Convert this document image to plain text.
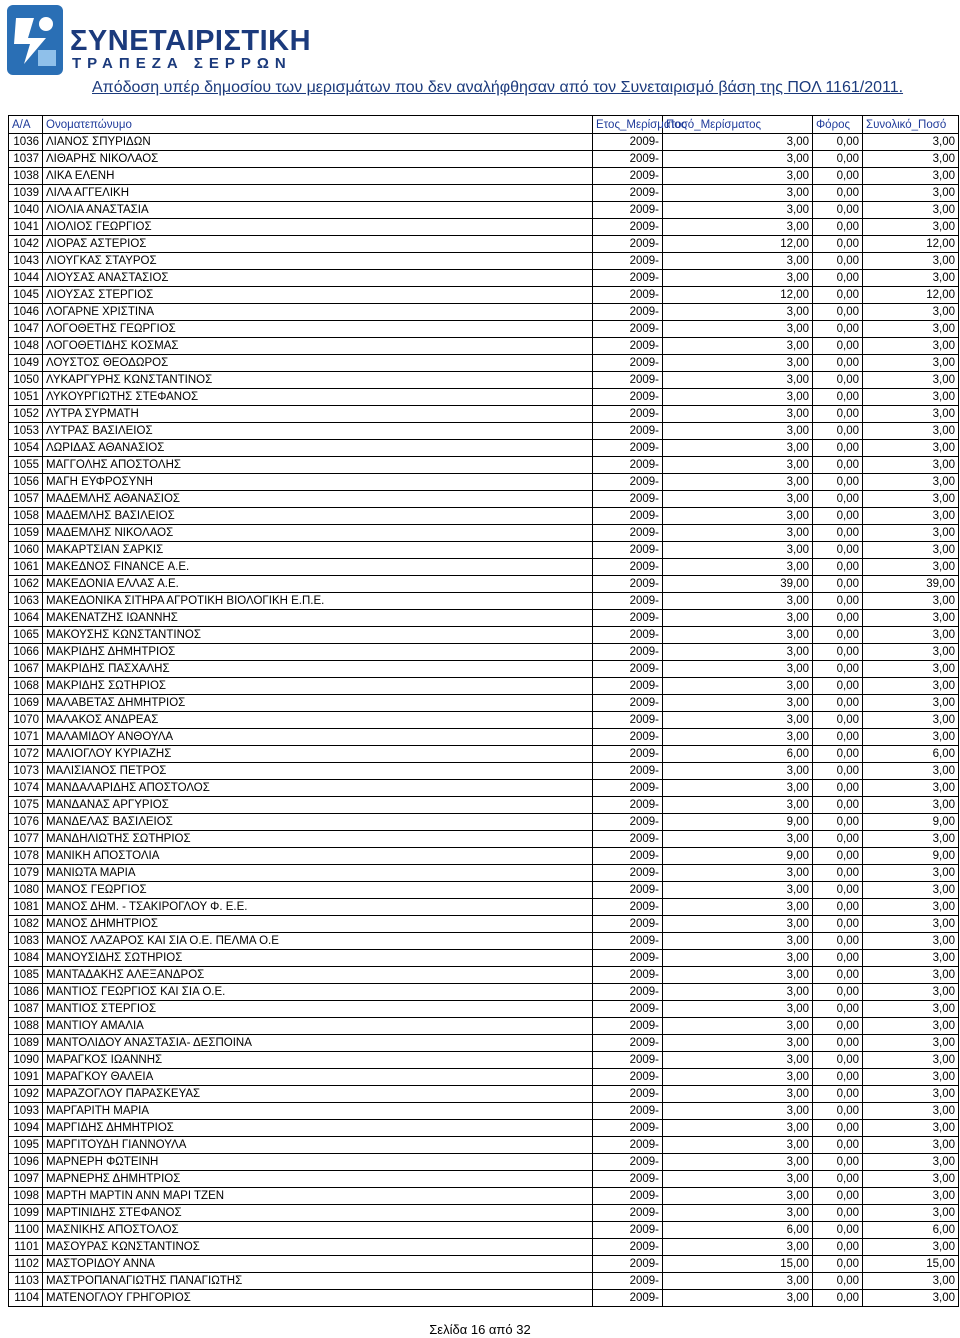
ΣΥΝΕΤΑΙΡΙΣΤΙΚΗ
ΤΡΑΠΕΖΑ ΣΕΡΡΩΝ
Απόδοση υπέρ δημοσίου των μερισμάτων που δεν αναλήφθησαν από τον Συνεταιρισμό βάση της ΠΟΛ 1161/2011.
Α/Α	Ονοματεπώνυμο	Ετος_Μερίσματος	Ποσό_Μερίσματος	Φόρος	Συνολικό_Ποσό
1036	ΛΙΑΝΟΣ ΣΠΥΡΙΔΩΝ	2009-	3,00	0,00	3,00
1037	ΛΙΘΑΡΗΣ ΝΙΚΟΛΑΟΣ	2009-	3,00	0,00	3,00
1038	ΛΙΚΑ ΕΛΕΝΗ	2009-	3,00	0,00	3,00
1039	ΛΙΛΑ ΑΓΓΕΛΙΚΗ	2009-	3,00	0,00	3,00
1040	ΛΙΟΛΙΑ ΑΝΑΣΤΑΣΙΑ	2009-	3,00	0,00	3,00
1041	ΛΙΟΛΙΟΣ ΓΕΩΡΓΙΟΣ	2009-	3,00	0,00	3,00
1042	ΛΙΟΡΑΣ ΑΣΤΕΡΙΟΣ	2009-	12,00	0,00	12,00
1043	ΛΙΟΥΓΚΑΣ ΣΤΑΥΡΟΣ	2009-	3,00	0,00	3,00
1044	ΛΙΟΥΣΑΣ ΑΝΑΣΤΑΣΙΟΣ	2009-	3,00	0,00	3,00
1045	ΛΙΟΥΣΑΣ ΣΤΕΡΓΙΟΣ	2009-	12,00	0,00	12,00
1046	ΛΟΓΑΡΝΕ ΧΡΙΣΤΙΝΑ	2009-	3,00	0,00	3,00
1047	ΛΟΓΟΘΕΤΗΣ ΓΕΩΡΓΙΟΣ	2009-	3,00	0,00	3,00
1048	ΛΟΓΟΘΕΤΙΔΗΣ ΚΟΣΜΑΣ	2009-	3,00	0,00	3,00
1049	ΛΟΥΣΤΟΣ ΘΕΟΔΩΡΟΣ	2009-	3,00	0,00	3,00
1050	ΛΥΚΑΡΓΥΡΗΣ ΚΩΝΣΤΑΝΤΙΝΟΣ	2009-	3,00	0,00	3,00
1051	ΛΥΚΟΥΡΓΙΩΤΗΣ ΣΤΕΦΑΝΟΣ	2009-	3,00	0,00	3,00
1052	ΛΥΤΡΑ ΣΥΡΜΑΤΗ	2009-	3,00	0,00	3,00
1053	ΛΥΤΡΑΣ ΒΑΣΙΛΕΙΟΣ	2009-	3,00	0,00	3,00
1054	ΛΩΡΙΔΑΣ ΑΘΑΝΑΣΙΟΣ	2009-	3,00	0,00	3,00
1055	ΜΑΓΓΟΛΗΣ ΑΠΟΣΤΟΛΗΣ	2009-	3,00	0,00	3,00
1056	ΜΑΓΗ ΕΥΦΡΟΣΥΝΗ	2009-	3,00	0,00	3,00
1057	ΜΑΔΕΜΛΗΣ ΑΘΑΝΑΣΙΟΣ	2009-	3,00	0,00	3,00
1058	ΜΑΔΕΜΛΗΣ ΒΑΣΙΛΕΙΟΣ	2009-	3,00	0,00	3,00
1059	ΜΑΔΕΜΛΗΣ ΝΙΚΟΛΑΟΣ	2009-	3,00	0,00	3,00
1060	ΜΑΚΑΡΤΣΙΑΝ ΣΑΡΚΙΣ	2009-	3,00	0,00	3,00
1061	ΜΑΚΕΔΝΟΣ FINANCE Α.Ε.	2009-	3,00	0,00	3,00
1062	ΜΑΚΕΔΟΝΙΑ ΕΛΛΑΣ Α.Ε.	2009-	39,00	0,00	39,00
1063	ΜΑΚΕΔΟΝΙΚΑ ΣΙΤΗΡΑ ΑΓΡΟΤΙΚΗ ΒΙΟΛΟΓΙΚΗ Ε.Π.Ε.	2009-	3,00	0,00	3,00
1064	ΜΑΚΕΝΑΤΖΗΣ ΙΩΑΝΝΗΣ	2009-	3,00	0,00	3,00
1065	ΜΑΚΟΥΣΗΣ ΚΩΝΣΤΑΝΤΙΝΟΣ	2009-	3,00	0,00	3,00
1066	ΜΑΚΡΙΔΗΣ ΔΗΜΗΤΡΙΟΣ	2009-	3,00	0,00	3,00
1067	ΜΑΚΡΙΔΗΣ ΠΑΣΧΑΛΗΣ	2009-	3,00	0,00	3,00
1068	ΜΑΚΡΙΔΗΣ ΣΩΤΗΡΙΟΣ	2009-	3,00	0,00	3,00
1069	ΜΑΛΑΒΕΤΑΣ ΔΗΜΗΤΡΙΟΣ	2009-	3,00	0,00	3,00
1070	ΜΑΛΑΚΟΣ ΑΝΔΡΕΑΣ	2009-	3,00	0,00	3,00
1071	ΜΑΛΑΜΙΔΟΥ ΑΝΘΟΥΛΑ	2009-	3,00	0,00	3,00
1072	ΜΑΛΙΟΓΛΟΥ ΚΥΡΙΑΖΗΣ	2009-	6,00	0,00	6,00
1073	ΜΑΛΙΣΙΑΝΟΣ ΠΕΤΡΟΣ	2009-	3,00	0,00	3,00
1074	ΜΑΝΔΑΛΑΡΙΔΗΣ ΑΠΟΣΤΟΛΟΣ	2009-	3,00	0,00	3,00
1075	ΜΑΝΔΑΝΑΣ ΑΡΓΥΡΙΟΣ	2009-	3,00	0,00	3,00
1076	ΜΑΝΔΕΛΑΣ ΒΑΣΙΛΕΙΟΣ	2009-	9,00	0,00	9,00
1077	ΜΑΝΔΗΛΙΩΤΗΣ ΣΩΤΗΡΙΟΣ	2009-	3,00	0,00	3,00
1078	ΜΑΝΙΚΗ ΑΠΟΣΤΟΛΙΑ	2009-	9,00	0,00	9,00
1079	ΜΑΝΙΩΤΑ ΜΑΡΙΑ	2009-	3,00	0,00	3,00
1080	ΜΑΝΟΣ ΓΕΩΡΓΙΟΣ	2009-	3,00	0,00	3,00
1081	ΜΑΝΟΣ ΔΗΜ. - ΤΣΑΚΙΡΟΓΛΟΥ Φ. Ε.Ε.	2009-	3,00	0,00	3,00
1082	ΜΑΝΟΣ ΔΗΜΗΤΡΙΟΣ	2009-	3,00	0,00	3,00
1083	ΜΑΝΟΣ ΛΑΖΑΡΟΣ ΚΑΙ ΣΙΑ Ο.Ε. ΠΕΛΜΑ Ο.Ε	2009-	3,00	0,00	3,00
1084	ΜΑΝΟΥΣΙΔΗΣ ΣΩΤΗΡΙΟΣ	2009-	3,00	0,00	3,00
1085	ΜΑΝΤΑΔΑΚΗΣ ΑΛΕΞΑΝΔΡΟΣ	2009-	3,00	0,00	3,00
1086	ΜΑΝΤΙΟΣ ΓΕΩΡΓΙΟΣ ΚΑΙ ΣΙΑ Ο.Ε.	2009-	3,00	0,00	3,00
1087	ΜΑΝΤΙΟΣ ΣΤΕΡΓΙΟΣ	2009-	3,00	0,00	3,00
1088	ΜΑΝΤΙΟΥ ΑΜΑΛΙΑ	2009-	3,00	0,00	3,00
1089	ΜΑΝΤΟΛΙΔΟΥ ΑΝΑΣΤΑΣΙΑ- ΔΕΣΠΟΙΝΑ	2009-	3,00	0,00	3,00
1090	ΜΑΡΑΓΚΟΣ ΙΩΑΝΝΗΣ	2009-	3,00	0,00	3,00
1091	ΜΑΡΑΓΚΟΥ ΘΑΛΕΙΑ	2009-	3,00	0,00	3,00
1092	ΜΑΡΑΖΟΓΛΟΥ ΠΑΡΑΣΚΕΥΑΣ	2009-	3,00	0,00	3,00
1093	ΜΑΡΓΑΡΙΤΗ ΜΑΡΙΑ	2009-	3,00	0,00	3,00
1094	ΜΑΡΓΙΔΗΣ ΔΗΜΗΤΡΙΟΣ	2009-	3,00	0,00	3,00
1095	ΜΑΡΓΙΤΟΥΔΗ ΓΙΑΝΝΟΥΛΑ	2009-	3,00	0,00	3,00
1096	ΜΑΡΝΕΡΗ ΦΩΤΕΙΝΗ	2009-	3,00	0,00	3,00
1097	ΜΑΡΝΕΡΗΣ ΔΗΜΗΤΡΙΟΣ	2009-	3,00	0,00	3,00
1098	ΜΑΡΤΗ ΜΑΡΤΙΝ ΑΝΝ ΜΑΡΙ ΤΖΕΝ	2009-	3,00	0,00	3,00
1099	ΜΑΡΤΙΝΙΔΗΣ ΣΤΕΦΑΝΟΣ	2009-	3,00	0,00	3,00
1100	ΜΑΣΝΙΚΗΣ ΑΠΟΣΤΟΛΟΣ	2009-	6,00	0,00	6,00
1101	ΜΑΣΟΥΡΑΣ ΚΩΝΣΤΑΝΤΙΝΟΣ	2009-	3,00	0,00	3,00
1102	ΜΑΣΤΟΡΙΔΟΥ ΑΝΝΑ	2009-	15,00	0,00	15,00
1103	ΜΑΣΤΡΟΠΑΝΑΓΙΩΤΗΣ ΠΑΝΑΓΙΩΤΗΣ	2009-	3,00	0,00	3,00
1104	ΜΑΤΕΝΟΓΛΟΥ ΓΡΗΓΟΡΙΟΣ	2009-	3,00	0,00	3,00
Σελίδα 16 από 32
